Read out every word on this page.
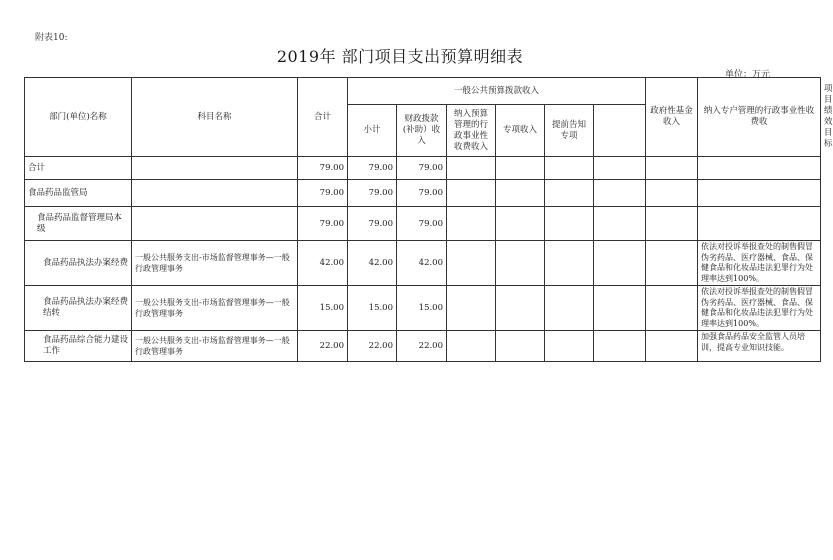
附表10:
2019年 部门项目支出预算明细表
单位：万元
部门(单位)名称	科目名称	合计	一般公共预算拨款收入						政府性基金收入	纳入专户管理的行政事业性收费收	项目绩效目标
			小计	财政拨款(补助）收入	纳入预算管理的行政事业性收费收入	专项收入	提前告知专项				
合计		79.00	79.00	79.00							
食品药品监管局		79.00	79.00	79.00							
食品药品监督管理局本级		79.00	79.00	79.00							
食品药品执法办案经费	一般公共服务支出-市场监督管理事务—一般行政管理事务	42.00	42.00	42.00						依法对投诉举报查处的制售假冒伪劣药品、医疗器械、食品、保健食品和化妆品违法犯罪行为处理率达到100%。	
食品药品执法办案经费结转	一般公共服务支出-市场监督管理事务—一般行政管理事务	15.00	15.00	15.00						依法对投诉举报查处的制售假冒伪劣药品、医疗器械、食品、保健食品和化妆品违法犯罪行为处理率达到100%。	
食品药品综合能力建设工作	一般公共服务支出-市场监督管理事务—一般行政管理事务	22.00	22.00	22.00						加强食品药品安全监管人员培训，提高专业知识技能。	
